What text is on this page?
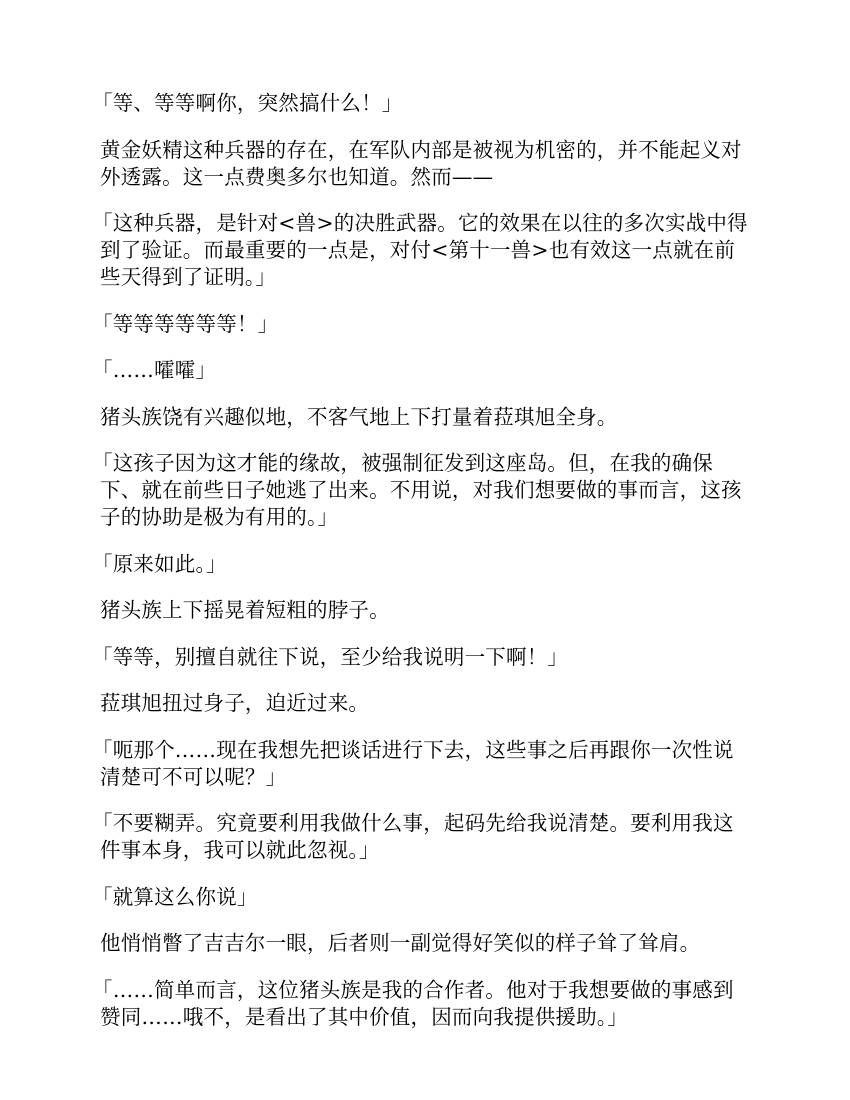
「等、等等啊你，突然搞什么！」

黄金妖精这种兵器的存在，在军队内部是被视为机密的，并不能起义对外透露。这一点费奥多尔也知道。然而——

「这种兵器，是针对<兽>的决胜武器。它的效果在以往的多次实战中得到了验证。而最重要的一点是，对付<第十一兽>也有效这一点就在前些天得到了证明。」

「等等等等等等！」

「……嚯嚯」

猪头族饶有兴趣似地，不客气地上下打量着菈琪旭全身。

「这孩子因为这才能的缘故，被强制征发到这座岛。但，在我的确保下、就在前些日子她逃了出来。不用说，对我们想要做的事而言，这孩子的协助是极为有用的。」

「原来如此。」

猪头族上下摇晃着短粗的脖子。

「等等，别擅自就往下说，至少给我说明一下啊！」

菈琪旭扭过身子，迫近过来。

「呃那个……现在我想先把谈话进行下去，这些事之后再跟你一次性说清楚可不可以呢？」

「不要糊弄。究竟要利用我做什么事，起码先给我说清楚。要利用我这件事本身，我可以就此忽视。」

「就算这么你说」

他悄悄瞥了吉吉尔一眼，后者则一副觉得好笑似的样子耸了耸肩。

「……简单而言，这位猪头族是我的合作者。他对于我想要做的事感到赞同……哦不，是看出了其中价值，因而向我提供援助。」
